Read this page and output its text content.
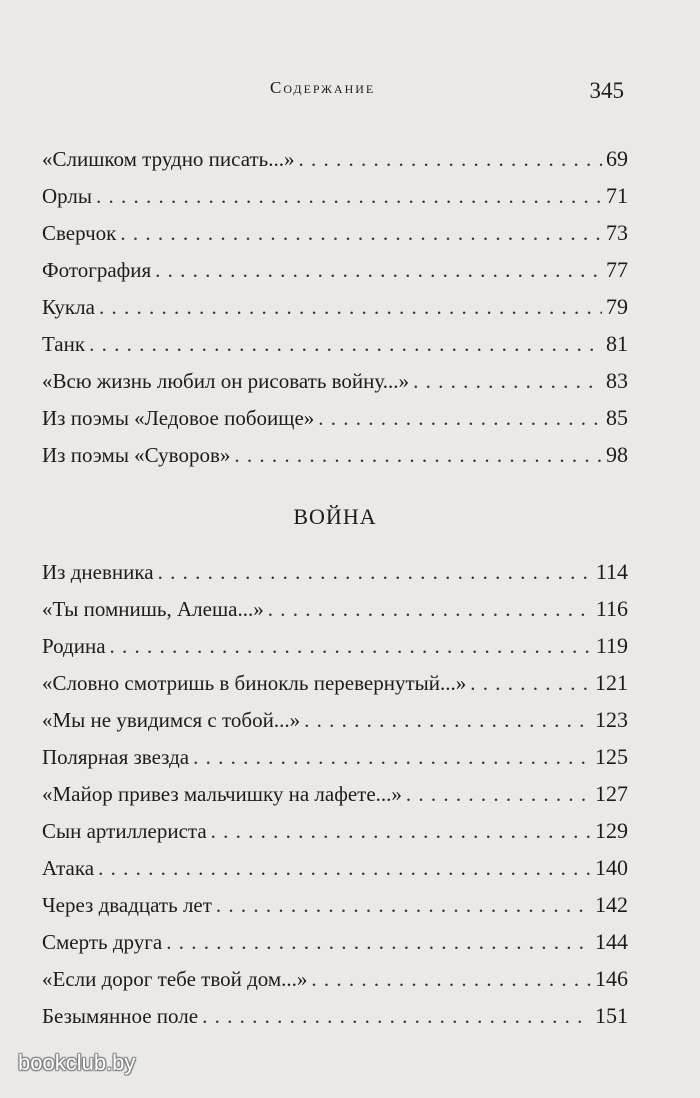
Содержание	345
«Слишком трудно писать...» . . .	69
Орлы . . .	71
Сверчок . . .	73
Фотография . . .	77
Кукла . . .	79
Танк . . .	81
«Всю жизнь любил он рисовать войну...» . . .	83
Из поэмы «Ледовое побоище» . . .	85
Из поэмы «Суворов» . . .	98
ВОЙНА
Из дневника . . .	114
«Ты помнишь, Алеша...» . . .	116
Родина . . .	119
«Словно смотришь в бинокль перевернутый...» . . .	121
«Мы не увидимся с тобой...» . . .	123
Полярная звезда . . .	125
«Майор привез мальчишку на лафете...» . . .	127
Сын артиллериста . . .	129
Атака . . .	140
Через двадцать лет . . .	142
Смерть друга . . .	144
«Если дорог тебе твой дом...» . . .	146
Безымянное поле . . .	151
bookclub.by
